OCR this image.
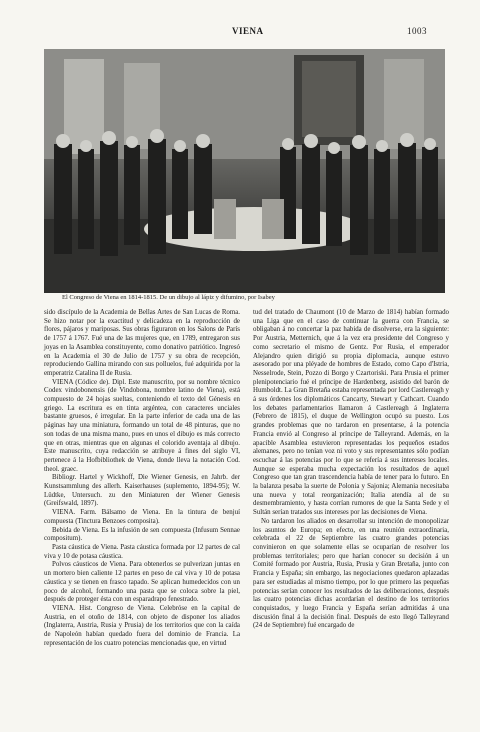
VIENA	1003
El Congreso de Viena en 1814-1815. De un dibujo al lápiz y difumino, por Isabey

sido discípulo de la Academia de Bellas Artes de San Lucas de Roma. Se hizo notar por la exactitud y delicadeza en la reproducción de flores, pájaros y mariposas. Sus obras figuraron en los Salons de París de 1757 á 1767. Fué una de las mujeres que, en 1789, entregaron sus joyas en la Asamblea constituyente, como donativo patriótico. Ingresó en la Academia el 30 de Julio de 1757 y su obra de recepción, reproduciendo Gallina mirando con sus polluelos, fué adquirida por la emperatriz Catalina II de Rusia.

VIENA (Códice de). Dipl. Este manuscrito, por su nombre técnico Codex vindobonensis (de Vindobona, nombre latino de Viena), está compuesto de 24 hojas sueltas, conteniendo el texto del Génesis en griego. La escritura es en tinta argéntea, con caracteres unciales bastante gruesos, é irregular. En la parte inferior de cada una de las páginas hay una miniatura, formando un total de 48 pinturas, que no son todas de una misma mano, pues en unos el dibujo es más correcto que en otras, mientras que en algunas el colorido aventaja al dibujo. Este manuscrito, cuya redacción se atribuye á fines del siglo VI, pertenece á la Hofbibliothek de Viena, donde lleva la notación Cod. theol. graec.

Bibliogr. Hartel y Wickhoff, Die Wiener Genesis, en Jahrb. der Kunstsammlung des allerh. Kaiserhauses (suplemento, 1894-95); W. Lüdtke, Untersuch. zu den Miniaturen der Wiener Genesis (Greifswald, 1897).

VIENA. Farm. Bálsamo de Viena. En la tintura de benjuí compuesta (Tinctura Benzoes composita).

Bebida de Viena. Es la infusión de sen compuesta (Infusum Sennae compositum).

Pasta cáustica de Viena. Pasta cáustica formada por 12 partes de cal viva y 10 de potasa cáustica.

Polvos cáusticos de Viena. Para obtenerlos se pulverizan juntas en un mortero bien caliente 12 partes en peso de cal viva y 10 de potasa cáustica y se tienen en frasco tapado. Se aplican humedecidos con un poco de alcohol, formando una pasta que se coloca sobre la piel, después de proteger ésta con un esparadrapo fenestrado.

VIENA. Hist. Congreso de Viena. Celebróse en la capital de Austria, en el otoño de 1814, con objeto de disponer los aliados (Inglaterra, Austria, Rusia y Prusia) de los territorios que con la caída de Napoleón habían quedado fuera del dominio de Francia. La representación de los cuatro potencias mencionadas que, en virtud

tud del tratado de Chaumont (10 de Marzo de 1814) habían formado una Liga que en el caso de continuar la guerra con Francia, se obligaban á no concertar la paz habida de disolverse, era la siguiente: Por Austria, Metternich, que á la vez era presidente del Congreso y como secretario el mismo de Gentz. Por Rusia, el emperador Alejandro quien dirigió su propia diplomacia, aunque estuvo asesorado por una pléyade de hombres de Estado, como Capo d'Istria, Nesselrode, Stein, Pozzo di Borgo y Czartoriski. Para Prusia el primer plenipotenciario fué el príncipe de Hardenberg, asistido del barón de Humboldt. La Gran Bretaña estaba representada por lord Castlereagh y á sus órdenes los diplomáticos Cancarty, Stewart y Cathcart. Cuando los debates parlamentarios llamaron á Castlereagh á Inglaterra (Febrero de 1815), el duque de Wellington ocupó su puesto. Los grandes problemas que no tardaron en presentarse, á la potencia Francia envió al Congreso al príncipe de Talleyrand. Además, en la apacible Asamblea estuvieron representadas los pequeños estados alemanes, pero no tenían voz ni voto y sus representantes sólo podían escuchar á las potencias por lo que se refería á sus intereses locales. Aunque se esperaba mucha expectación los resultados de aquel Congreso que tan gran trascendencia había de tener para lo futuro. En la balanza pesaba la suerte de Polonia y Sajonia; Alemania necesitaba una nueva y total reorganización; Italia atendía al de su desmembramiento, y hasta corrían rumores de que la Santa Sede y el Sultán serían tratados sus intereses por las decisiones de Viena.

No tardaron los aliados en desarrollar su intención de monopolizar los asuntos de Europa; en efecto, en una reunión extraordinaria, celebrada el 22 de Septiembre las cuatro grandes potencias convinieron en que solamente ellas se ocuparían de resolver los problemas territoriales; pero que harían conocer su decisión á un Comité formado por Austria, Rusia, Prusia y Gran Bretaña, junto con Francia y España; sin embargo, las negociaciones quedaron aplazadas para ser estudiadas al mismo tiempo, por lo que primero las pequeñas potencias serían conocer los resultados de las deliberaciones, después las cuatro potencias dichas acordarían el destino de los territorios conquistados, y luego Francia y España serían admitidas á una discusión final á la decisión final. Después de esto llegó Talleyrand (24 de Septiembre) fué encargado de
